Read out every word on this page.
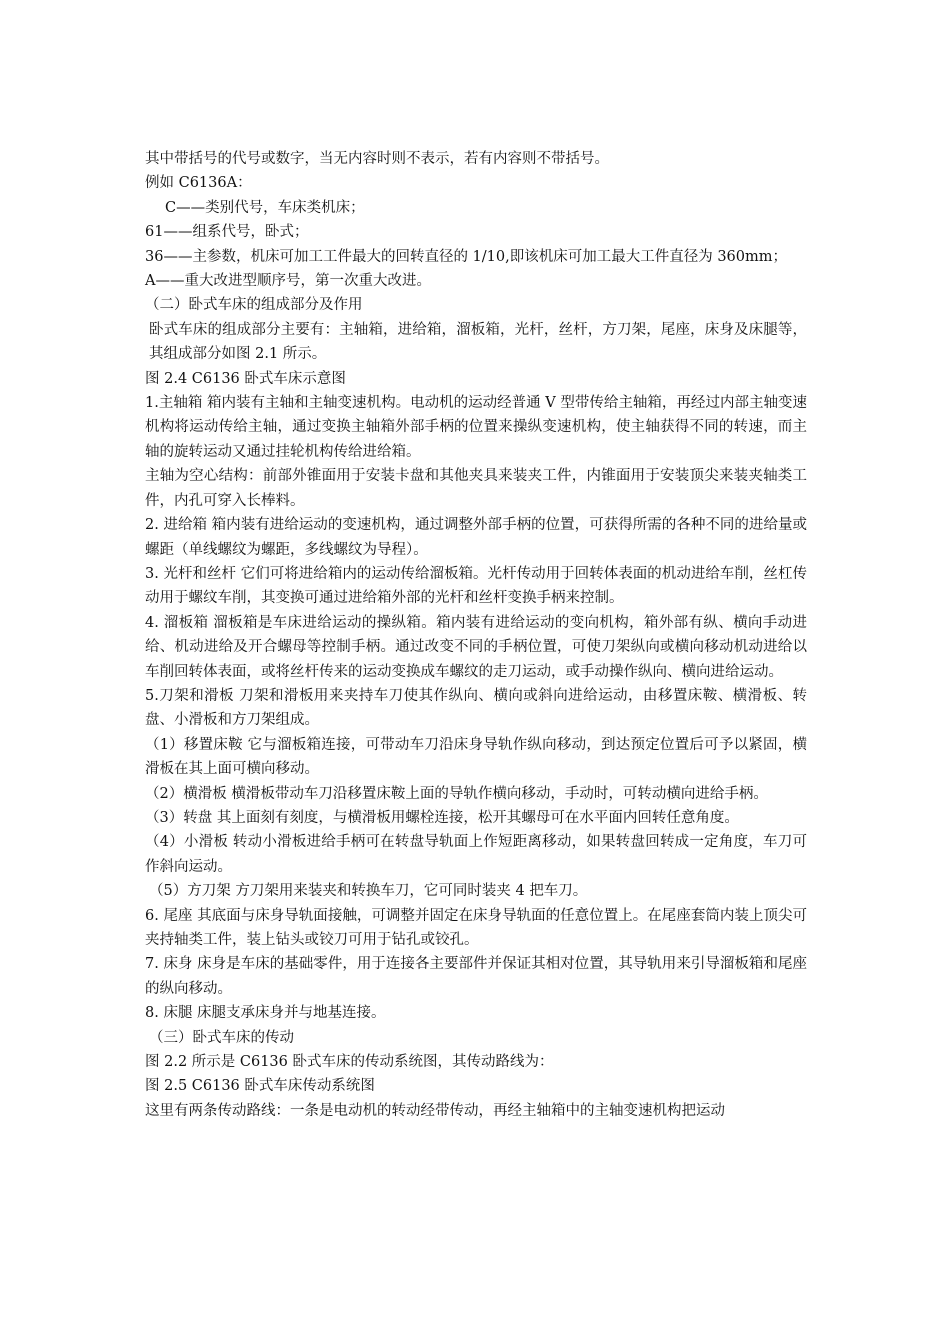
其中带括号的代号或数字，当无内容时则不表示，若有内容则不带括号。

例如 C6136A：

C——类别代号，车床类机床；

61——组系代号，卧式；

36——主参数，机床可加工工件最大的回转直径的 1/10,即该机床可加工最大工件直径为 360mm；

A——重大改进型顺序号，第一次重大改进。

（二）卧式车床的组成部分及作用

卧式车床的组成部分主要有：主轴箱，进给箱，溜板箱，光杆，丝杆，方刀架，尾座，床身及床腿等，其组成部分如图 2.1 所示。

图 2.4 C6136 卧式车床示意图

1.主轴箱 箱内装有主轴和主轴变速机构。电动机的运动经普通 V 型带传给主轴箱，再经过内部主轴变速机构将运动传给主轴，通过变换主轴箱外部手柄的位置来操纵变速机构，使主轴获得不同的转速，而主轴的旋转运动又通过挂轮机构传给进给箱。

主轴为空心结构：前部外锥面用于安装卡盘和其他夹具来装夹工件，内锥面用于安装顶尖来装夹轴类工件，内孔可穿入长棒料。

2. 进给箱 箱内装有进给运动的变速机构，通过调整外部手柄的位置，可获得所需的各种不同的进给量或螺距（单线螺纹为螺距，多线螺纹为导程）。

3. 光杆和丝杆 它们可将进给箱内的运动传给溜板箱。光杆传动用于回转体表面的机动进给车削，丝杠传动用于螺纹车削，其变换可通过进给箱外部的光杆和丝杆变换手柄来控制。

4. 溜板箱 溜板箱是车床进给运动的操纵箱。箱内装有进给运动的变向机构，箱外部有纵、横向手动进给、机动进给及开合螺母等控制手柄。通过改变不同的手柄位置，可使刀架纵向或横向移动机动进给以车削回转体表面，或将丝杆传来的运动变换成车螺纹的走刀运动，或手动操作纵向、横向进给运动。

5.刀架和滑板 刀架和滑板用来夹持车刀使其作纵向、横向或斜向进给运动，由移置床鞍、横滑板、转盘、小滑板和方刀架组成。

（1）移置床鞍 它与溜板箱连接，可带动车刀沿床身导轨作纵向移动，到达预定位置后可予以紧固，横滑板在其上面可横向移动。

（2）横滑板 横滑板带动车刀沿移置床鞍上面的导轨作横向移动，手动时，可转动横向进给手柄。

（3）转盘 其上面刻有刻度，与横滑板用螺栓连接，松开其螺母可在水平面内回转任意角度。

（4）小滑板 转动小滑板进给手柄可在转盘导轨面上作短距离移动，如果转盘回转成一定角度，车刀可作斜向运动。

（5）方刀架 方刀架用来装夹和转换车刀，它可同时装夹 4 把车刀。

6. 尾座 其底面与床身导轨面接触，可调整并固定在床身导轨面的任意位置上。在尾座套筒内装上顶尖可夹持轴类工件，装上钻头或铰刀可用于钻孔或铰孔。

7. 床身 床身是车床的基础零件，用于连接各主要部件并保证其相对位置，其导轨用来引导溜板箱和尾座的纵向移动。

8. 床腿 床腿支承床身并与地基连接。

（三）卧式车床的传动

图 2.2 所示是 C6136 卧式车床的传动系统图，其传动路线为：

图 2.5 C6136 卧式车床传动系统图

这里有两条传动路线：一条是电动机的转动经带传动，再经主轴箱中的主轴变速机构把运动
